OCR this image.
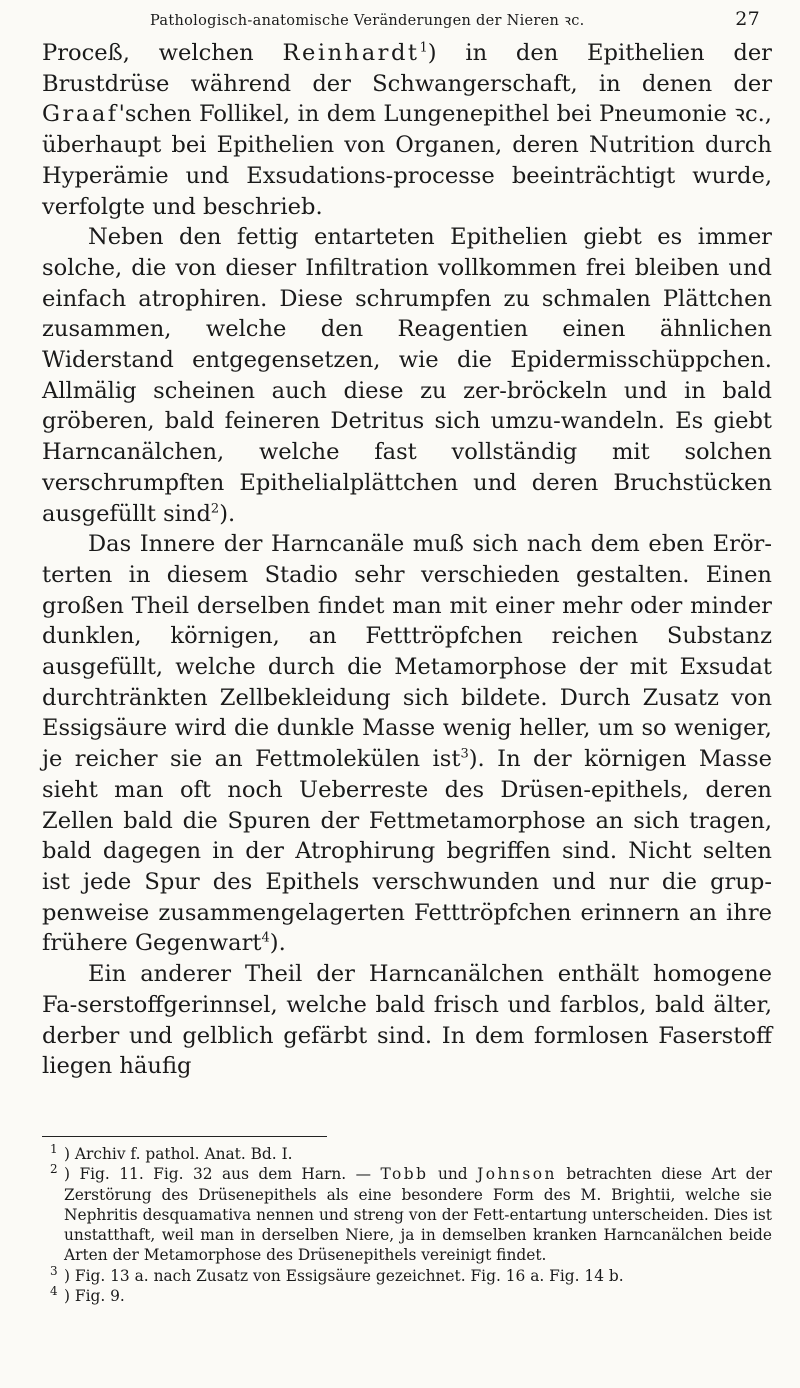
Pathologisch-anatomische Veränderungen der Nieren ꝛc.	27

Proceß, welchen Reinhardt$^1$) in den Epithelien der Brustdrüse während der Schwangerschaft, in denen der Graaf'schen Follikel, in dem Lungenepithel bei Pneumonie ꝛc., überhaupt bei Epithelien von Organen, deren Nutrition durch Hyperämie und Exsudations-processe beeinträchtigt wurde, verfolgte und beschrieb.

Neben den fettig entarteten Epithelien giebt es immer solche, die von dieser Infiltration vollkommen frei bleiben und einfach atrophiren. Diese schrumpfen zu schmalen Plättchen zusammen, welche den Reagentien einen ähnlichen Widerstand entgegensetzen, wie die Epidermisschüppchen. Allmälig scheinen auch diese zu zer-bröckeln und in bald gröberen, bald feineren Detritus sich umzu-wandeln. Es giebt Harncanälchen, welche fast vollständig mit solchen verschrumpften Epithelialplättchen und deren Bruchstücken ausgefüllt sind$^2$).

Das Innere der Harncanäle muß sich nach dem eben Erör-terten in diesem Stadio sehr verschieden gestalten. Einen großen Theil derselben findet man mit einer mehr oder minder dunklen, körnigen, an Fetttröpfchen reichen Substanz ausgefüllt, welche durch die Metamorphose der mit Exsudat durchtränkten Zellbekleidung sich bildete. Durch Zusatz von Essigsäure wird die dunkle Masse wenig heller, um so weniger, je reicher sie an Fettmolekülen ist$^3$). In der körnigen Masse sieht man oft noch Ueberreste des Drüsen-epithels, deren Zellen bald die Spuren der Fettmetamorphose an sich tragen, bald dagegen in der Atrophirung begriffen sind. Nicht selten ist jede Spur des Epithels verschwunden und nur die grup-penweise zusammengelagerten Fetttröpfchen erinnern an ihre frühere Gegenwart$^4$).

Ein anderer Theil der Harncanälchen enthält homogene Fa-serstoffgerinnsel, welche bald frisch und farblos, bald älter, derber und gelblich gefärbt sind. In dem formlosen Faserstoff liegen häufig

1 ) Archiv f. pathol. Anat. Bd. I.

2 ) Fig. 11. Fig. 32 aus dem Harn. — Tobb und Johnson betrachten diese Art der Zerstörung des Drüsenepithels als eine besondere Form des M. Brightii, welche sie Nephritis desquamativa nennen und streng von der Fett-entartung unterscheiden. Dies ist unstatthaft, weil man in derselben Niere, ja in demselben kranken Harncanälchen beide Arten der Metamorphose des Drüsenepithels vereinigt findet.

3 ) Fig. 13 a. nach Zusatz von Essigsäure gezeichnet. Fig. 16 a. Fig. 14 b.

4 ) Fig. 9.
